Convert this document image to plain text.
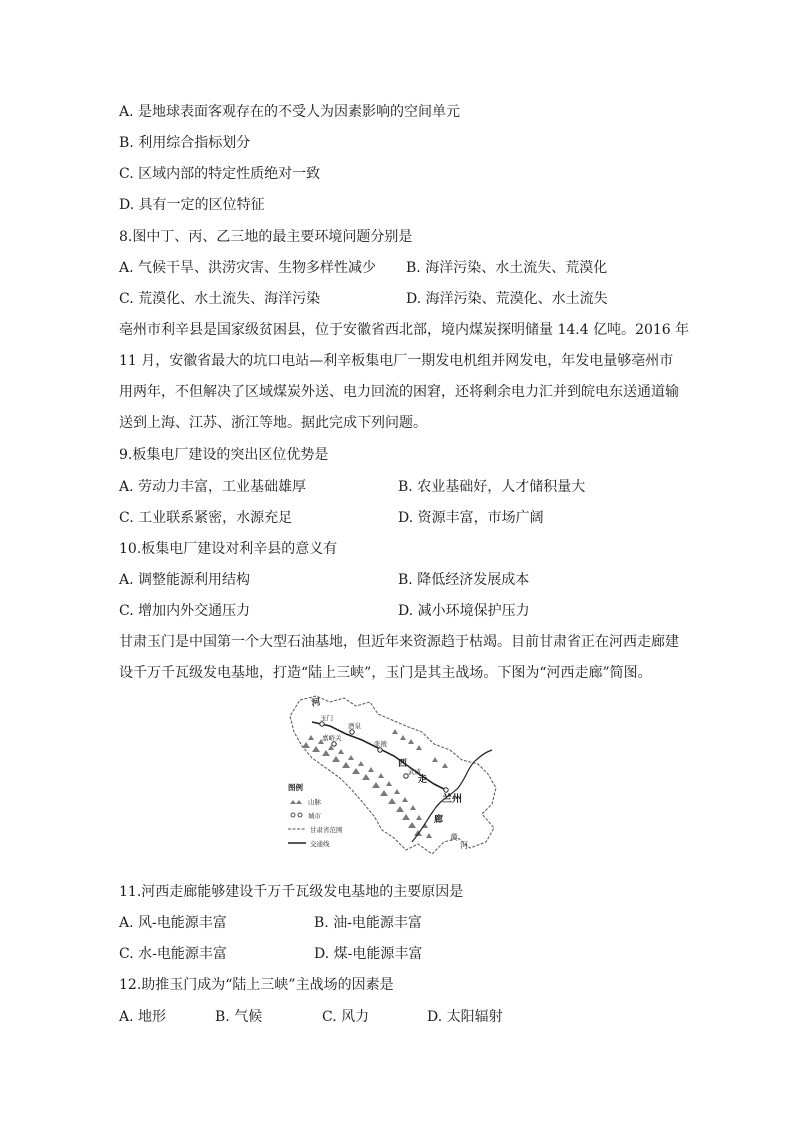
A. 是地球表面客观存在的不受人为因素影响的空间单元
B. 利用综合指标划分
C. 区域内部的特定性质绝对一致
D. 具有一定的区位特征
8.图中丁、丙、乙三地的最主要环境问题分别是
A. 气候干旱、洪涝灾害、生物多样性减少 B. 海洋污染、水土流失、荒漠化
C. 荒漠化、水土流失、海洋污染	D. 海洋污染、荒漠化、水土流失
亳州市利辛县是国家级贫困县，位于安徽省西北部，境内煤炭探明储量 14.4 亿吨。2016 年
11 月，安徽省最大的坑口电站—利辛板集电厂一期发电机组并网发电，年发电量够亳州市
用两年，不但解决了区域煤炭外送、电力回流的困窘，还将剩余电力汇并到皖电东送通道输
送到上海、江苏、浙江等地。据此完成下列问题。
9.板集电厂建设的突出区位优势是
A. 劳动力丰富，工业基础雄厚	B. 农业基础好，人才储积量大
C. 工业联系紧密，水源充足	D. 资源丰富，市场广阔
10.板集电厂建设对利辛县的意义有
A. 调整能源利用结构	B. 降低经济发展成本
C. 增加内外交通压力	D. 减小环境保护压力
甘肃玉门是中国第一个大型石油基地，但近年来资源趋于枯竭。目前甘肃省正在河西走廊建
设千万千瓦级发电基地，打造“陆上三峡”，玉门是其主战场。下图为“河西走廊”简图。
玉门
酒泉
嘉峪关
张掖
武威
兰州
河
西
走
廊
黄
河
图例
山脉
城市
甘肃省范围
交通线
11.河西走廊能够建设千万千瓦级发电基地的主要原因是
A. 风-电能源丰富	B. 油-电能源丰富
C. 水-电能源丰富	D. 煤-电能源丰富
12.助推玉门成为“陆上三峡”主战场的因素是
A. 地形	B. 气候	C. 风力	D. 太阳辐射
